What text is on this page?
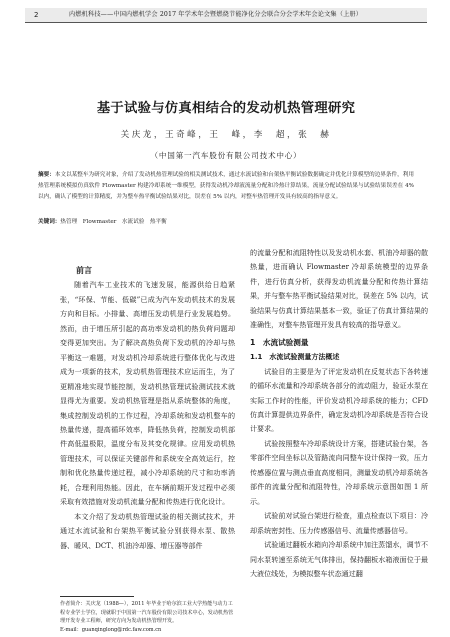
2	内燃机科技——中国内燃机学会 2017 年学术年会暨燃烧节能净化分会联合分会学术年会论文集（上册）
基于试验与仿真相结合的发动机热管理研究
关庆龙，王奇峰，王　峰，李　超，张　赫
（中国第一汽车股份有限公司技术中心）
摘要：本文以某整车为研究对象，介绍了发动机热管理试验的相关测试技术，通过水流试验和台架热平衡试验数据确定并优化计算模型的边界条件，利用热管理系统模拟仿真软件 Flowmaster 构建冷却系统一维模型，获得发动机冷却液流量分配和冷热计算结果，流量分配试验结果与试验结果误差在 4% 以内，确认了模型的计算精度，并为整车热平衡试验结果对比，误差在 5% 以内，对整车热管理开发具有较高的指导意义。
关键词：热管理　Flowmaster　水流试验　热平衡

前言

随着汽车工业技术的飞速发展，能源供给日趋紧张，“环保、节能、低碳”已成为汽车发动机技术的发展方向和目标。小排量、高增压发动机是行业发展趋势。然而，由于增压所引起的高功率发动机的热负荷问题却变得更加突出。为了解决高热负荷下发动机的冷却与热平衡这一难题，对发动机冷却系统进行整体优化与改进成为一项新的技术，发动机热管理技术应运而生，为了更精准地实现节能控制，发动机热管理试验测试技术就显得尤为重要。发动机热管理是指从系统整体的角度，集成控制发动机的工作过程，冷却系统和发动机整车的热量传递，提高循环效率，降低热负荷，控制发动机部件高低温极限，温度分布及其变化规律。应用发动机热管理技术，可以保证关键部件和系统安全高效运行，控制和优化热量传递过程，减小冷却系统的尺寸和功率消耗，合理利用热能。因此，在车辆前期开发过程中必须采取有效措施对发动机流量分配和传热进行优化设计。

本文介绍了发动机热管理试验的相关测试技术，并通过水流试验和台架热平衡试验分别获得水泵、散热器、暖风、DCT、机油冷却器、增压器等部件

的流量分配和流阻特性以及发动机水套、机油冷却器的散热量，进而确认 Flowmaster 冷却系统模型的边界条件，进行仿真分析，获得发动机流量分配和传热计算结果，并与整车热平衡试验结果对比，误差在 5% 以内，试验结果与仿真计算结果基本一致，验证了仿真计算结果的准确性，对整车热管理开发具有较高的指导意义。

1　水流试验测量

1.1　水流试验测量方法概述

试验目的主要是为了评定发动机在反复状态下各转速的循环水流量和冷却系统各部分的流动阻力，验证水泵在实际工作时的性能，评价发动机冷却系统的能力；CFD 仿真计算提供边界条件，确定发动机冷却系统是否符合设计要求。

试验按照整车冷却系统设计方案，搭建试验台架，各零部件空间坐标以及管路流向同整车设计保持一致，压力传感器位置与测点垂直高度相同，测量发动机冷却系统各部件的流量分配和流阻特性，冷却系统示意图如图 1 所示。

试验前对试验台架进行检查，重点检查以下项目：冷却系统密封性、压力传感器信号、流量传感器信号。

试验通过翻板水箱向冷却系统中加注蒸馏水，调节不同水泵转速至系统无气体排出，保持翻板水箱液面位于最大液位线处，为模拟整车状态通过翻

作者简介：关庆龙（1988—），2011 年毕业于哈尔滨工业大学热能与动力工程专业学士学位，现就职于中国第一汽车股份有限公司技术中心，发动机热管理开发专业工程师，研究方向为发动机热管理开发。
E-mail：guanqinglong@rdc.faw.com.cn
